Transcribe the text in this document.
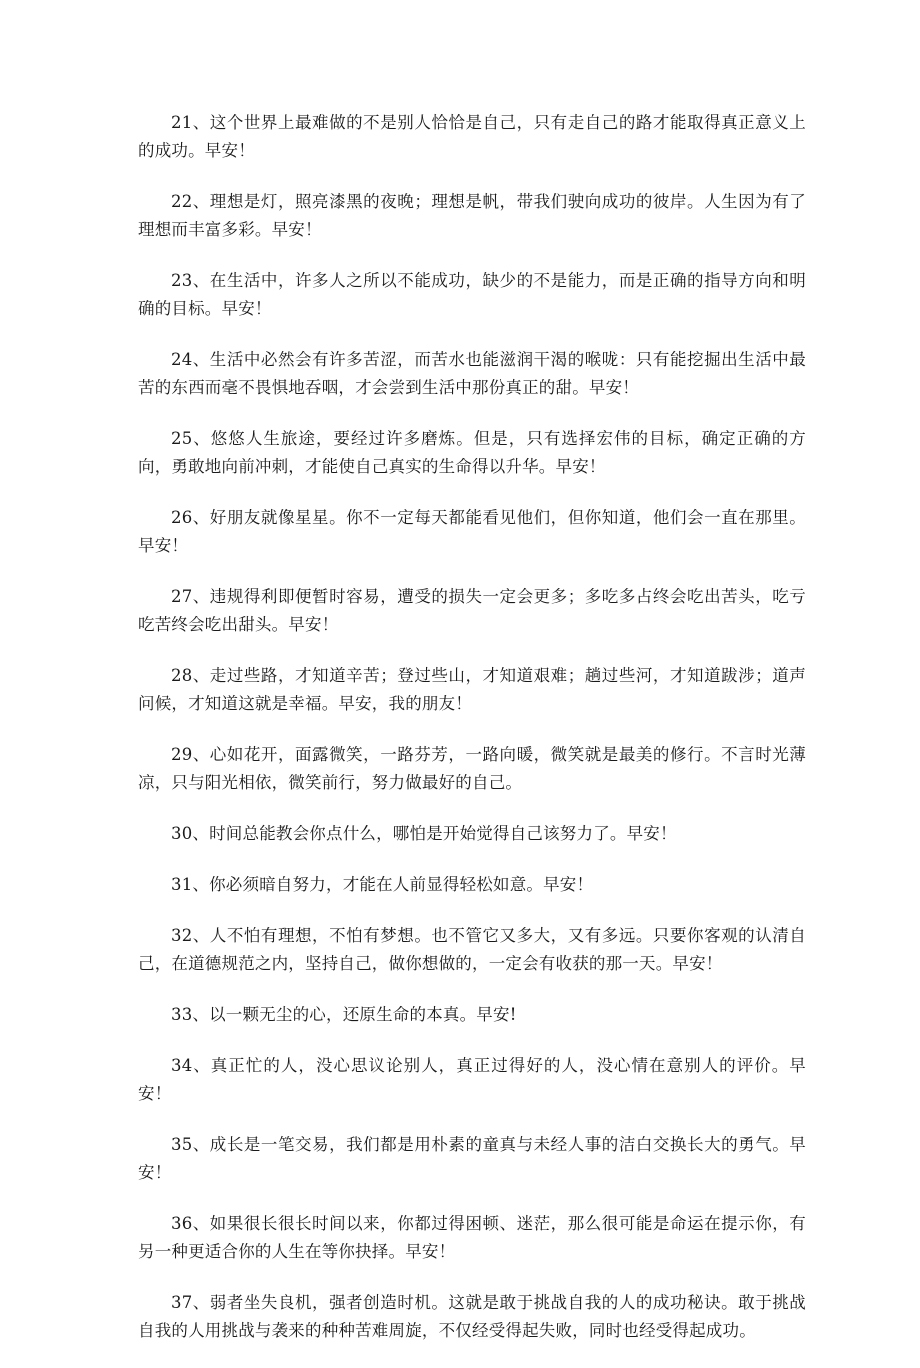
21、这个世界上最难做的不是别人恰恰是自己，只有走自己的路才能取得真正意义上的成功。早安！

22、理想是灯，照亮漆黑的夜晚；理想是帆，带我们驶向成功的彼岸。人生因为有了理想而丰富多彩。早安！

23、在生活中，许多人之所以不能成功，缺少的不是能力，而是正确的指导方向和明确的目标。早安！

24、生活中必然会有许多苦涩，而苦水也能滋润干渴的喉咙：只有能挖掘出生活中最苦的东西而毫不畏惧地吞咽，才会尝到生活中那份真正的甜。早安！

25、悠悠人生旅途，要经过许多磨炼。但是，只有选择宏伟的目标，确定正确的方向，勇敢地向前冲刺，才能使自己真实的生命得以升华。早安！

26、好朋友就像星星。你不一定每天都能看见他们，但你知道，他们会一直在那里。早安！

27、违规得利即便暂时容易，遭受的损失一定会更多；多吃多占终会吃出苦头，吃亏吃苦终会吃出甜头。早安！

28、走过些路，才知道辛苦；登过些山，才知道艰难；趟过些河，才知道跋涉；道声问候，才知道这就是幸福。早安，我的朋友！

29、心如花开，面露微笑，一路芬芳，一路向暖，微笑就是最美的修行。不言时光薄凉，只与阳光相依，微笑前行，努力做最好的自己。

30、时间总能教会你点什么，哪怕是开始觉得自己该努力了。早安！

31、你必须暗自努力，才能在人前显得轻松如意。早安！

32、人不怕有理想，不怕有梦想。也不管它又多大，又有多远。只要你客观的认清自己，在道德规范之内，坚持自己，做你想做的，一定会有收获的那一天。早安！

33、以一颗无尘的心，还原生命的本真。早安!

34、真正忙的人，没心思议论别人，真正过得好的人，没心情在意别人的评价。早安！

35、成长是一笔交易，我们都是用朴素的童真与未经人事的洁白交换长大的勇气。早安！

36、如果很长很长时间以来，你都过得困顿、迷茫，那么很可能是命运在提示你，有另一种更适合你的人生在等你抉择。早安！

37、弱者坐失良机，强者创造时机。这就是敢于挑战自我的人的成功秘诀。敢于挑战自我的人用挑战与袭来的种种苦难周旋，不仅经受得起失败，同时也经受得起成功。
